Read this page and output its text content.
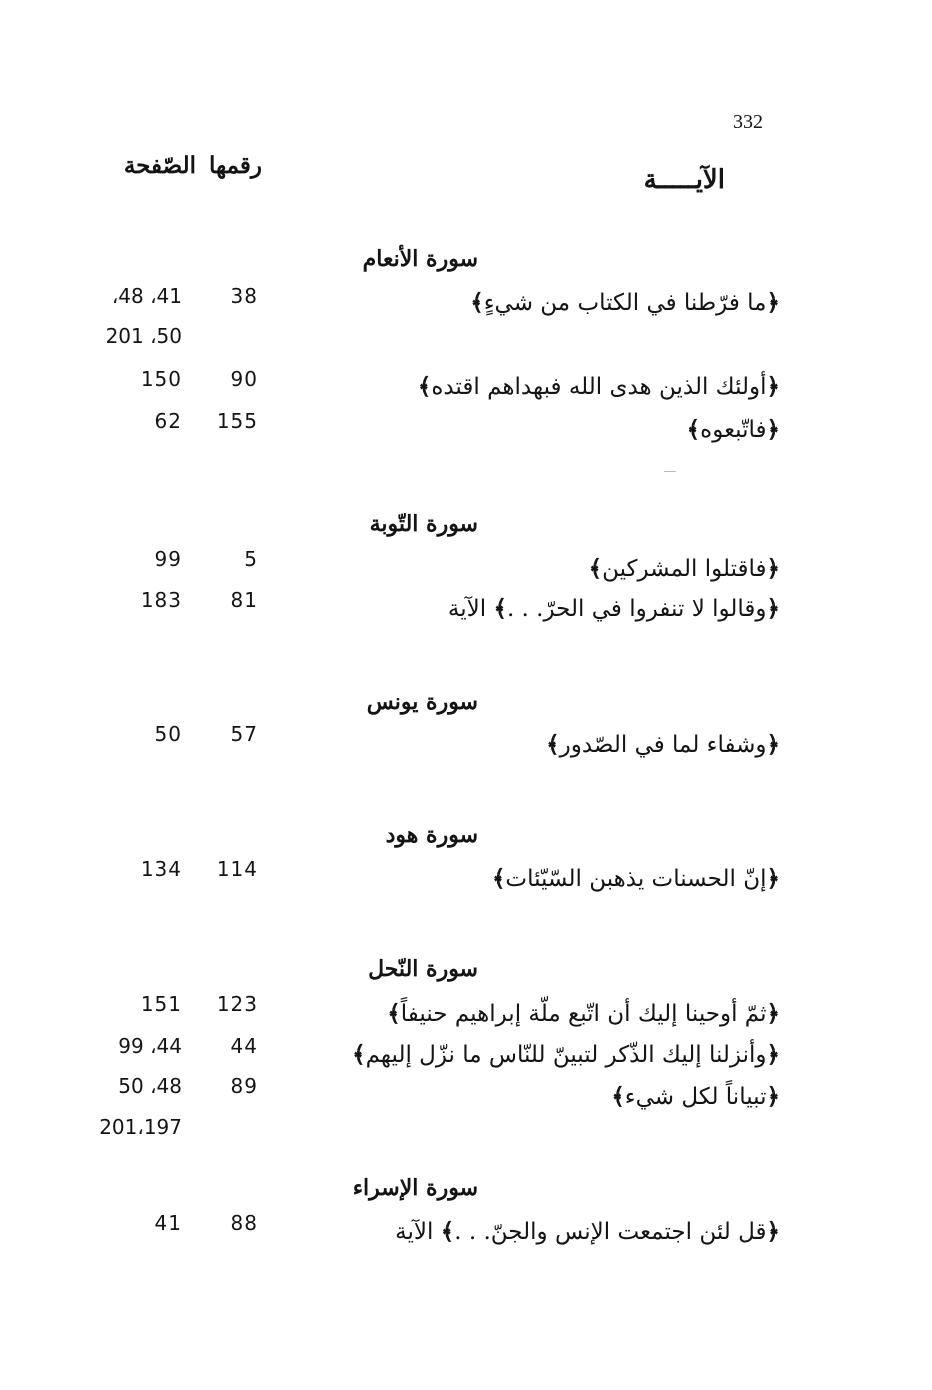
332
الآيـــــة
رقمها
الصّفحة
سورة الأنعام
﴿ما فرّطنا في الكتاب من شيءٍ﴾
38
،48 ،41
201 ،50
﴿أولئك الذين هدى الله فبهداهم اقتده﴾
90
150
﴿فاتّبعوه﴾
155
62
سورة التّوبة
﴿فاقتلوا المشركين﴾
5
99
﴿وقالوا لا تنفروا في الحرّ. . .﴾ الآية
81
183
سورة يونس
﴿وشفاء لما في الصّدور﴾
57
50
سورة هود
﴿إنّ الحسنات يذهبن السّيّئات﴾
114
134
سورة النّحل
﴿ثمّ أوحينا إليك أن اتّبع ملّة إبراهيم حنيفاً﴾
123
151
﴿وأنزلنا إليك الذّكر لتبينّ للنّاس ما نزّل إليهم﴾
44
99 ،44
﴿تبياناً لكل شيء﴾
89
50 ،48
201،197
سورة الإسراء
﴿قل لئن اجتمعت الإنس والجنّ. . .﴾ الآية
88
41
